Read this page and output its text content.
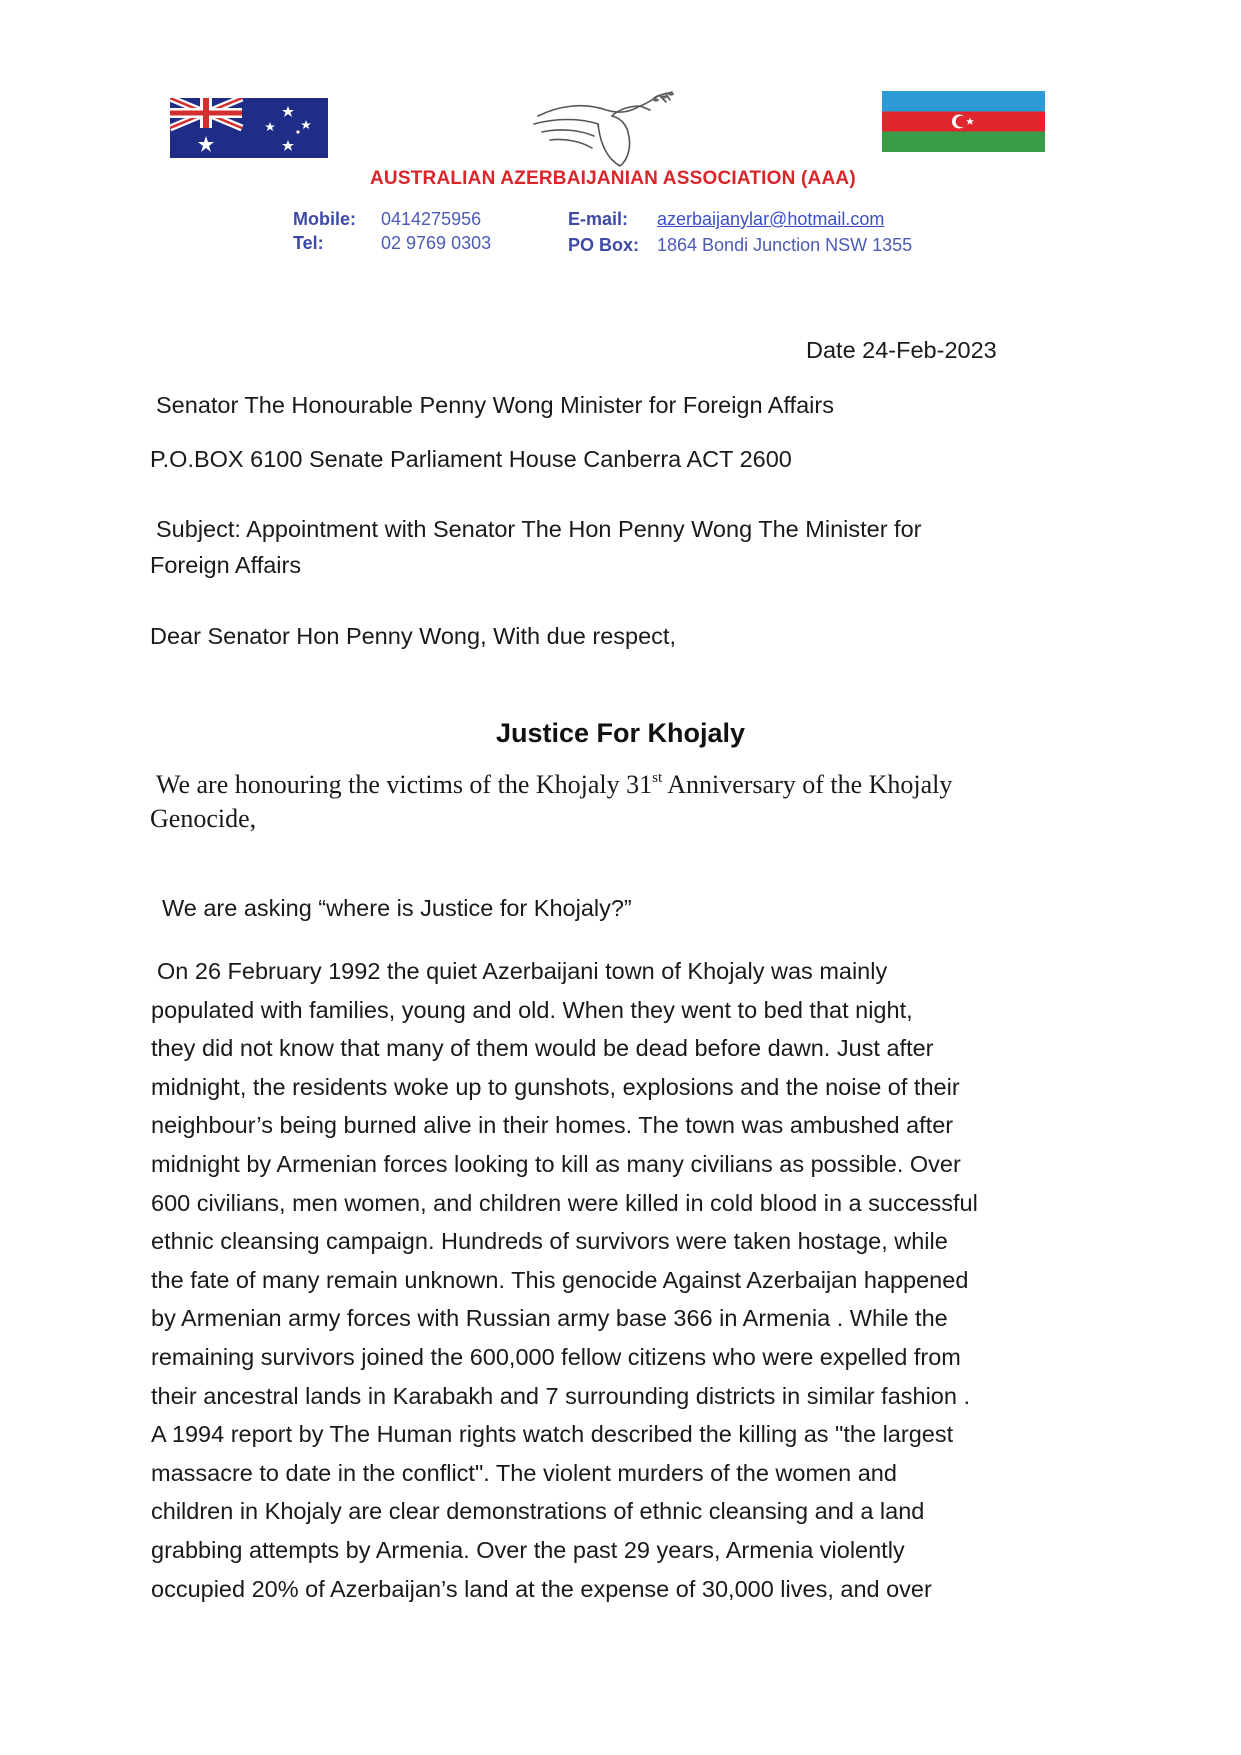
AUSTRALIAN AZERBAIJANIAN ASSOCIATION (AAA)
Mobile: 0414275956
Tel:	02 9769 0303
E-mail: azerbaijanylar@hotmail.com
PO Box: 1864 Bondi Junction NSW 1355
Date 24-Feb-2023
Senator The Honourable Penny Wong Minister for Foreign Affairs
P.O.BOX 6100 Senate Parliament House Canberra ACT 2600
Subject: Appointment with Senator The Hon Penny Wong The Minister for
Foreign Affairs
Dear Senator Hon Penny Wong, With due respect,
Justice For Khojaly
We are honouring the victims of the Khojaly 31st Anniversary of the Khojaly
Genocide,
We are asking “where is Justice for Khojaly?”
On 26 February 1992 the quiet Azerbaijani town of Khojaly was mainly
populated with families, young and old. When they went to bed that night,
they did not know that many of them would be dead before dawn. Just after
midnight, the residents woke up to gunshots, explosions and the noise of their
neighbour’s being burned alive in their homes. The town was ambushed after
midnight by Armenian forces looking to kill as many civilians as possible. Over
600 civilians, men women, and children were killed in cold blood in a successful
ethnic cleansing campaign. Hundreds of survivors were taken hostage, while
the fate of many remain unknown. This genocide Against Azerbaijan happened
by Armenian army forces with Russian army base 366 in Armenia . While the
remaining survivors joined the 600,000 fellow citizens who were expelled from
their ancestral lands in Karabakh and 7 surrounding districts in similar fashion .
A 1994 report by The Human rights watch described the killing as "the largest
massacre to date in the conflict". The violent murders of the women and
children in Khojaly are clear demonstrations of ethnic cleansing and a land
grabbing attempts by Armenia. Over the past 29 years, Armenia violently
occupied 20% of Azerbaijan’s land at the expense of 30,000 lives, and over
